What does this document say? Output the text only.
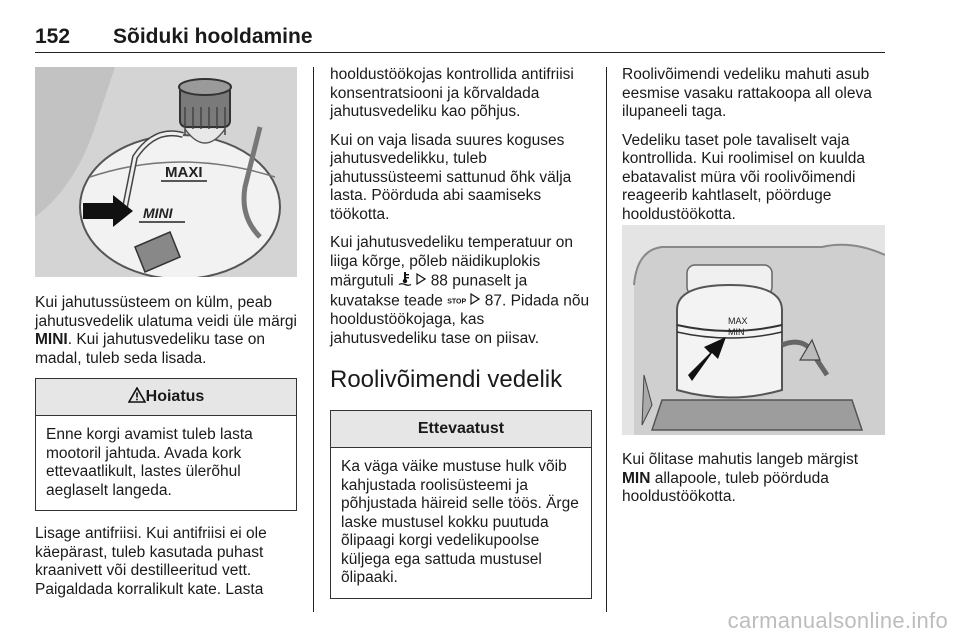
152 Sõiduki hooldamine
MAXI
MINI

Kui jahutussüsteem on külm, peab jahutusvedelik ulatuma veidi üle märgi MINI. Kui jahutusvedeliku tase on madal, tuleb seda lisada.

Hoiatus
Enne korgi avamist tuleb lasta mootoril jahtuda. Avada kork ettevaatlikult, lastes ülerõhul aeglaselt langeda.

Lisage antifriisi. Kui antifriisi ei ole käepärast, tuleb kasutada puhast kraanivett või destilleeritud vett. Paigaldada korralikult kate. Lasta

hooldustöökojas kontrollida antifriisi konsentratsiooni ja kõrvaldada jahutusvedeliku kao põhjus.

Kui on vaja lisada suures koguses jahutusvedelikku, tuleb jahutussüsteemi sattunud õhk välja lasta. Pöörduda abi saamiseks töökotta.

Kui jahutusvedeliku temperatuur on liiga kõrge, põleb näidikuplokis märgutuli   88 punaselt ja kuvatakse teade STOP 87. Pidada nõu hooldustöökojaga, kas jahutusvedeliku tase on piisav.

Roolivõimendi vedelik
Ettevaatust
Ka väga väike mustuse hulk võib kahjustada roolisüsteemi ja põhjustada häireid selle töös. Ärge laske mustusel kokku puutuda õlipaagi korgi vedelikupoolse küljega ega sattuda mustusel õlipaaki.

Roolivõimendi vedeliku mahuti asub eesmise vasaku rattakoopa all oleva ilupaneeli taga.

Vedeliku taset pole tavaliselt vaja kontrollida. Kui roolimisel on kuulda ebatavalist müra või roolivõimendi reageerib kahtlaselt, pöörduge hooldustöökotta.

MAX
MIN

Kui õlitase mahutis langeb märgist MIN allapoole, tuleb pöörduda hooldustöökotta.

carmanualsonline.info
